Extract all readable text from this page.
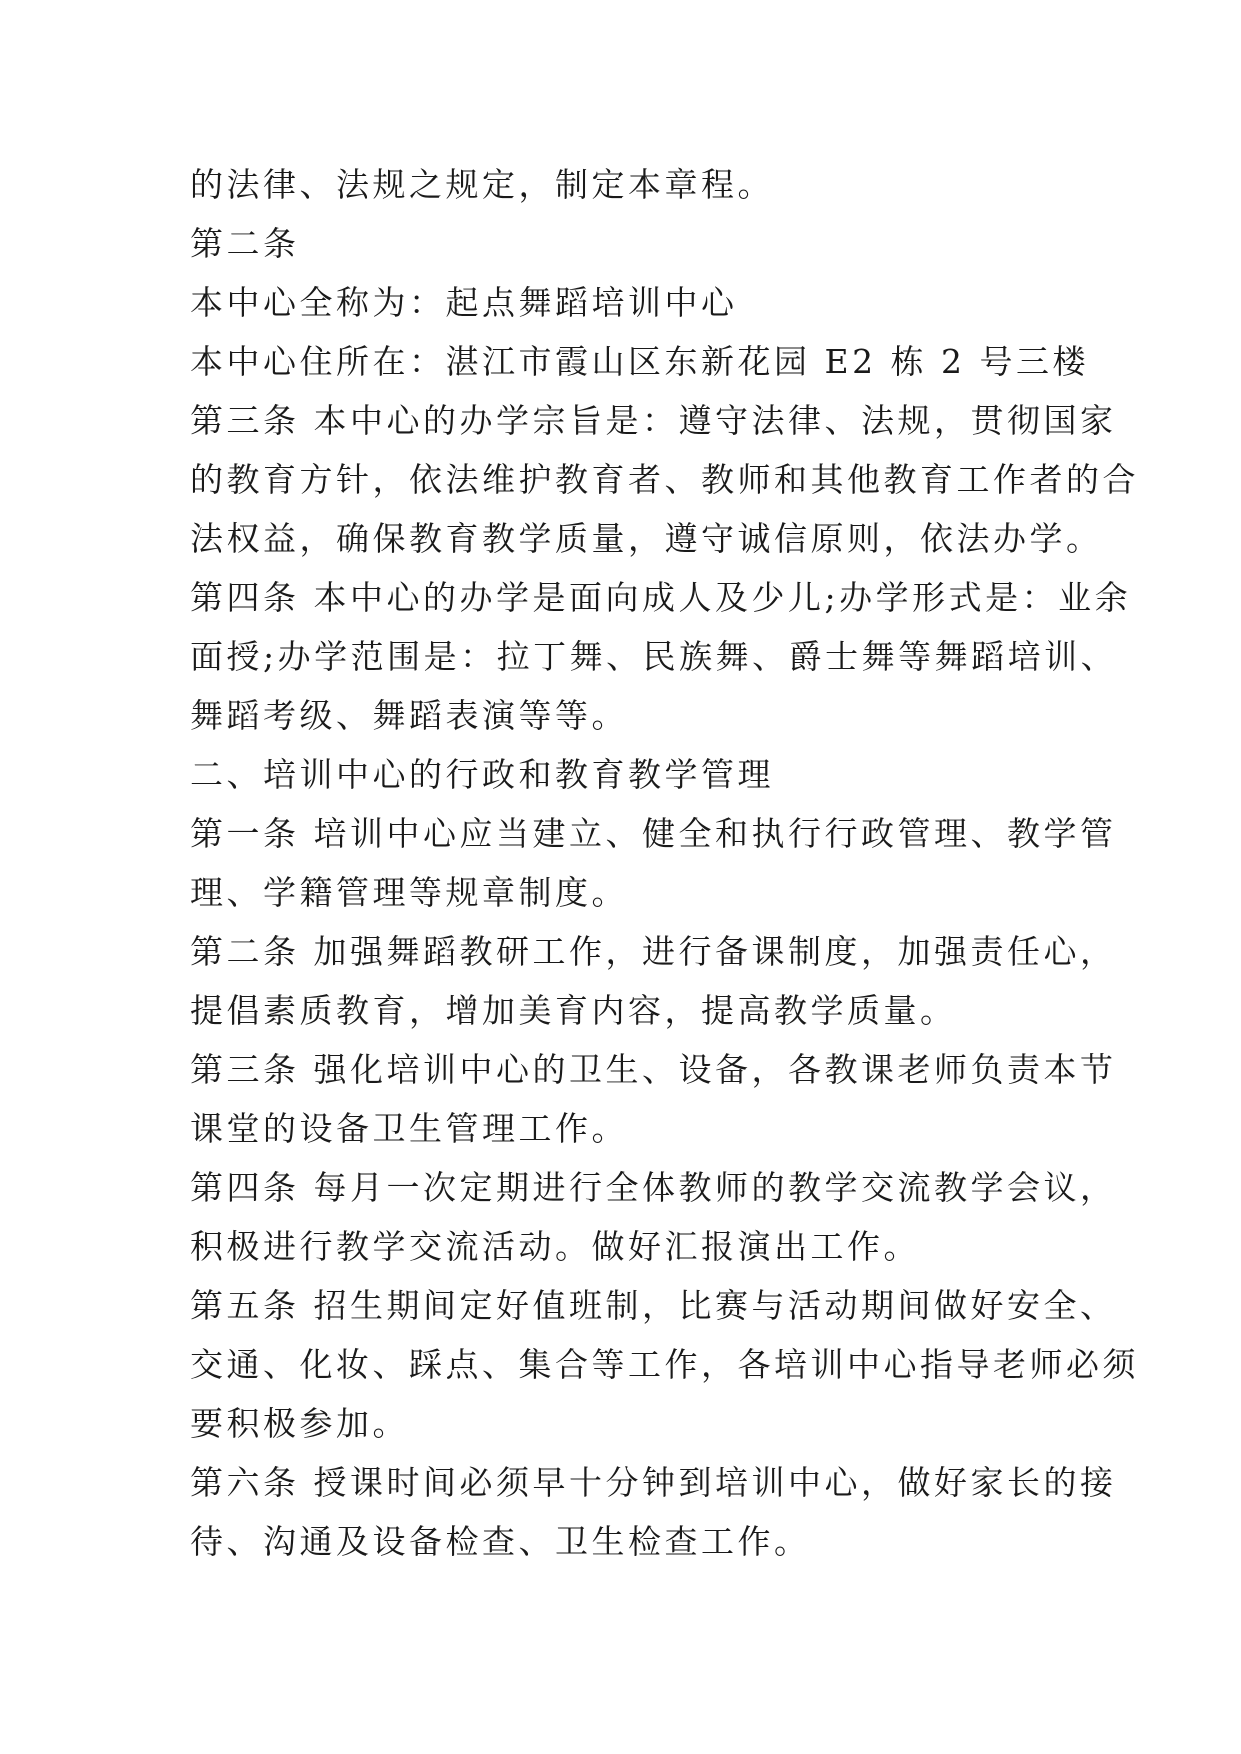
的法律、法规之规定，制定本章程。
第二条
本中心全称为：起点舞蹈培训中心
本中心住所在：湛江市霞山区东新花园 E2 栋 2 号三楼
第三条 本中心的办学宗旨是：遵守法律、法规，贯彻国家
的教育方针，依法维护教育者、教师和其他教育工作者的合
法权益，确保教育教学质量，遵守诚信原则，依法办学。
第四条 本中心的办学是面向成人及少儿;办学形式是：业余
面授;办学范围是：拉丁舞、民族舞、爵士舞等舞蹈培训、
舞蹈考级、舞蹈表演等等。
二、培训中心的行政和教育教学管理
第一条 培训中心应当建立、健全和执行行政管理、教学管
理、学籍管理等规章制度。
第二条 加强舞蹈教研工作，进行备课制度，加强责任心，
提倡素质教育，增加美育内容，提高教学质量。
第三条 强化培训中心的卫生、设备，各教课老师负责本节
课堂的设备卫生管理工作。
第四条 每月一次定期进行全体教师的教学交流教学会议，
积极进行教学交流活动。做好汇报演出工作。
第五条 招生期间定好值班制，比赛与活动期间做好安全、
交通、化妆、踩点、集合等工作，各培训中心指导老师必须
要积极参加。
第六条 授课时间必须早十分钟到培训中心，做好家长的接
待、沟通及设备检查、卫生检查工作。
